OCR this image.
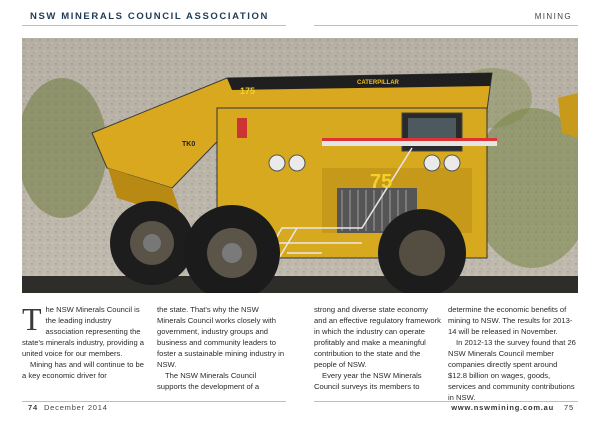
NSW MINERALS COUNCIL ASSOCIATION	MINING
75
175
CATERPILLAR
TK0

The NSW Minerals Council is the leading industry association representing the state's minerals industry, providing a united voice for our members.

Mining has and will continue to be a key economic driver for

the state. That's why the NSW Minerals Council works closely with government, industry groups and business and community leaders to foster a sustainable mining industry in NSW.

The NSW Minerals Council supports the development of a

strong and diverse state economy and an effective regulatory framework in which the industry can operate profitably and make a meaningful contribution to the state and the people of NSW.

Every year the NSW Minerals Council surveys its members to

determine the economic benefits of mining to NSW. The results for 2013-14 will be released in November.

In 2012-13 the survey found that 26 NSW Minerals Council member companies directly spent around $12.8 billion on wages, goods, services and community contributions in NSW.

74 December 2014	www.nswmining.com.au 75
